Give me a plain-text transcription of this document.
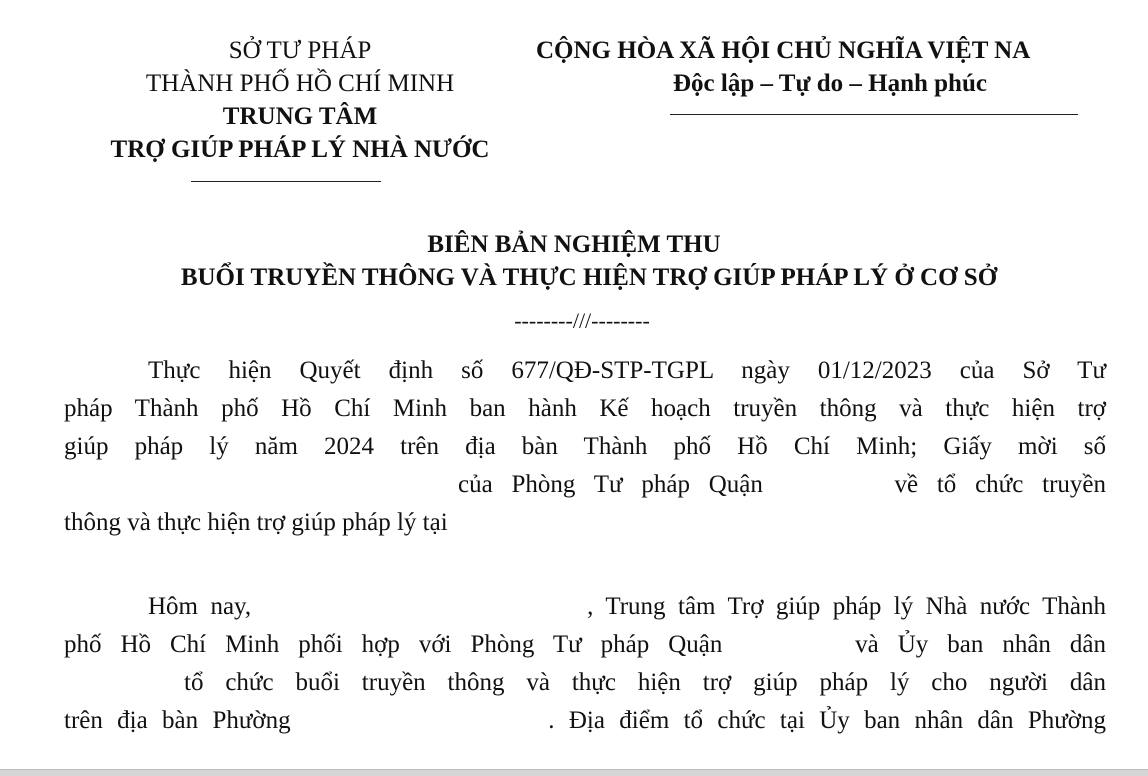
SỞ TƯ PHÁP
THÀNH PHỐ HỒ CHÍ MINH
TRUNG TÂM
TRỢ GIÚP PHÁP LÝ NHÀ NƯỚC
CỘNG HÒA XÃ HỘI CHỦ NGHĨA VIỆT NA
Độc lập – Tự do – Hạnh phúc
BIÊN BẢN NGHIỆM THU
BUỔI TRUYỀN THÔNG VÀ THỰC HIỆN TRỢ GIÚP PHÁP LÝ Ở CƠ SỞ
--------///--------
Thực hiện Quyết định số 677/QĐ-STP-TGPL ngày 01/12/2023 của Sở Tư
pháp Thành phố Hồ Chí Minh ban hành Kế hoạch truyền thông và thực hiện trợ
giúp pháp lý năm 2024 trên địa bàn Thành phố Hồ Chí Minh; Giấy mời số
của Phòng Tư pháp Quận       về tổ chức truyền
thông và thực hiện trợ giúp pháp lý tại
Hôm nay,                           , Trung tâm Trợ giúp pháp lý Nhà nước Thành
phố Hồ Chí Minh phối hợp với Phòng Tư pháp Quận       và Ủy ban nhân dân
tổ chức buổi truyền thông và thực hiện trợ giúp pháp lý cho người dân
trên địa bàn Phường                  . Địa điểm tổ chức tại Ủy ban nhân dân Phường
